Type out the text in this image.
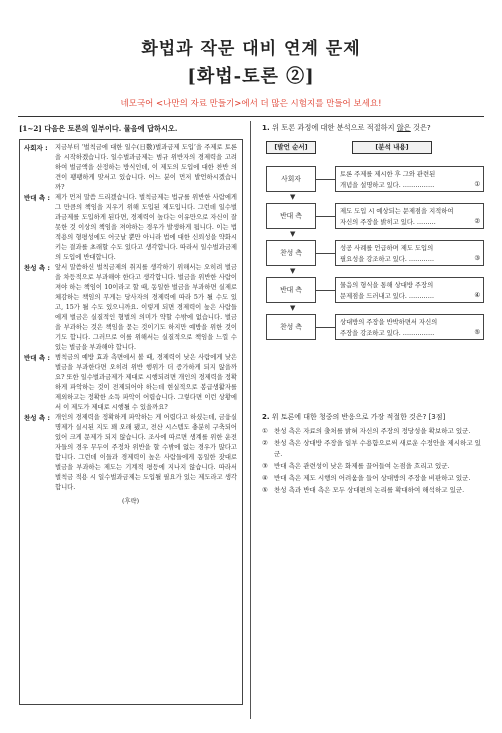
화법과 작문 대비 연계 문제
[화법-토론 ②]
네모국어 <나만의 자료 만들기>에서 더 많은 시험지를 만들어 보세요!
[1~2] 다음은 토론의 일부이다. 물음에 답하시오.
사회자 :	지금부터 ‘벌칙금에 대한 일수(日數)벌과금제 도입’을 주제로 토론을 시작하겠습니다. 일수벌과금제는 범규 위반자의 경제력을 고려하여 벌금액을 산정하는 방식인데, 이 제도의 도입에 대한 찬반 의견이 팽팽하게 맞서고 있습니다. 어느 분이 먼저 발언하시겠습니까?
반대 측 : 제가 먼저 말씀 드리겠습니다. 벌칙금제는 법규를 위반한 사람에게 그 만큼의 책임을 지우기 위해 도입된 제도입니다. 그런데 일수벌과금제를 도입하게 된다면, 경제력이 높다는 이유만으로 자신이 잘못한 것 이상의 책임을 져야하는 경우가 발생하게 됩니다. 이는 법 적용의 형평성에도 어긋날 뿐만 아니라 법에 대한 신뢰성을 약화시키는 결과를 초래할 수도 있다고 생각합니다. 따라서 일수벌과금제의 도입에 반대합니다.
찬성 측 : 앞서 말씀하신 벌칙금제의 취지를 생각하기 위해서는 오히려 벌금을 차등적으로 부과해야 한다고 생각합니다. 벌금을 위반한 사람이 져야 하는 책임이 10이라고 할 때, 동일한 벌금을 부과하면 실제로 체감하는 책임의 무게는 당사자의 경제력에 따라 5가 될 수도 있고, 15가 될 수도 있으니까요. 이렇게 되면 경제력이 높은 사람들에게 벌금은 실질적인 형벌의 의미가 약할 수밖에 없습니다. 벌금을 부과하는 것은 책임을 묻는 것이기도 하지만 예방을 위한 것이기도 합니다. 그러므로 이를 위해서는 실질적으로 책임을 느낄 수 있는 벌금을 부과해야 합니다.
반대 측 : 범칙금의 예방 효과 측면에서 볼 때, 경제력이 낮은 사람에게 낮은 벌금을 부과한다면 오히려 위반 행위가 더 증가하게 되지 않을까요? 또한 일수벌과금제가 제대로 시행되려면 개인의 경제력을 정확하게 파악하는 것이 전제되어야 하는데 현실적으로 봉급생활자를 제외하고는 정확한 소득 파악이 어렵습니다. 그렇다면 이런 상황에서 이 제도가 제대로 시행될 수 있을까요?
찬성 측 : 개인의 경제력을 정확하게 파악하는 게 어렵다고 하셨는데, 금융실명제가 실시된 지도 꽤 오래 됐고, 전산 시스템도 충분히 구축되어 있어 크게 문제가 되지 않습니다. 조사에 따르면 생계를 위한 운전자들의 경우 무두이 주정차 위반을 할 수밖에 없는 경우가 많다고 합니다. 그런데 이들과 경제력이 높은 사람들에게 동일한 잣대로 벌금을 부과하는 제도는 기계적 평등에 지나지 않습니다. 따라서 벌칙금 적용 시 일수벌과금제는 도입될 필요가 있는 제도라고 생각합니다.
(후략)
1. 위 토론 과정에 대한 분석으로 적절하지 않은 것은?
[발언 순서]	[분석 내용]
사회자
토론 주제를 제시한 후 그와 관련된
개념을 설명하고 있다. ……………	①
▼
반대 측
제도 도입 시 예상되는 문제점을 지적하여
자신의 주장을 밝히고 있다. ………	②
▼
찬성 측
성공 사례를 언급하며 제도 도입의
필요성을 강조하고 있다. …………	③
▼
반대 측
물음의 형식을 통해 상대방 주장의
문제점을 드러내고 있다. …………	④
▼
찬성 측
상대방의 주장을 반박하면서 자신의
주장을 강조하고 있다. ……………	⑤
2. 위 토론에 대한 청중의 반응으로 가장 적절한 것은? [3점]
① 찬성 측은 자료의 출처를 밝혀 자신의 주장의 정당성을 확보하고 있군.
② 찬성 측은 상대방 주장을 일부 수용함으로써 새로운 수정안을 제시하고 있군.
③ 반대 측은 관련성이 낮은 화제를 끌어들여 논점을 흐리고 있군.
④ 반대 측은 제도 시행의 어려움을 들어 상대방의 주장을 비판하고 있군.
⑤ 찬성 측과 반대 측은 모두 상대편의 논리를 확대하여 해석하고 있군.
